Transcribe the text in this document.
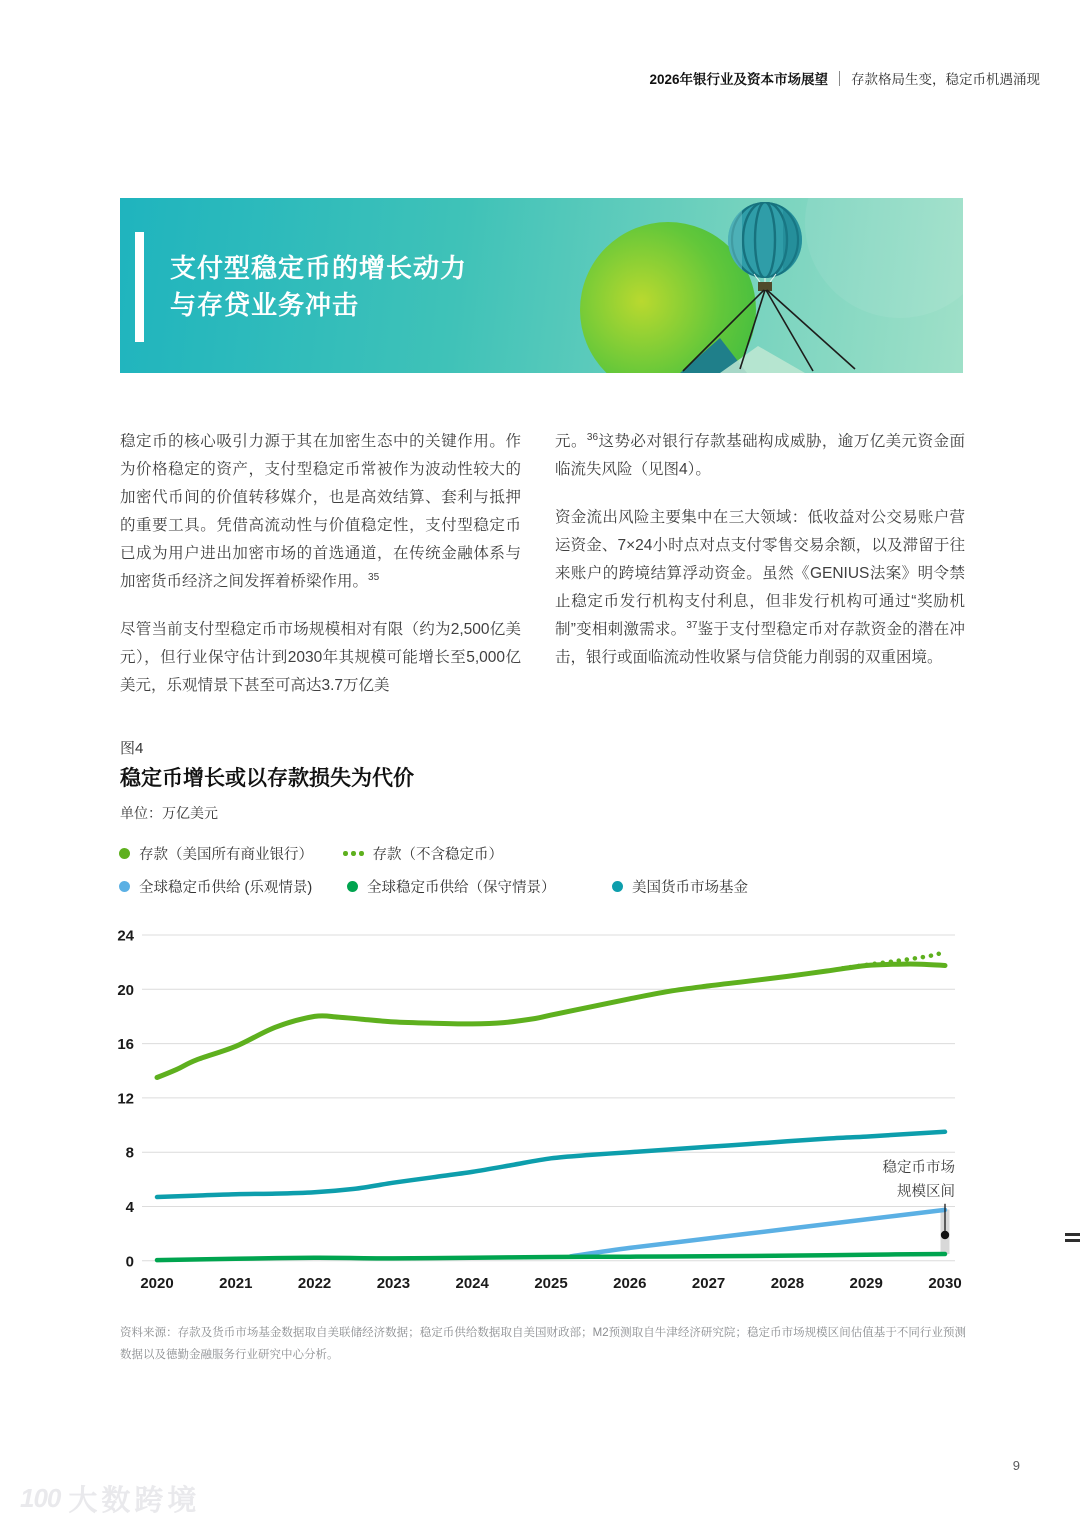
2026年银行业及资本市场展望 存款格局生变，稳定币机遇涌现
支付型稳定币的增长动力
与存贷业务冲击

稳定币的核心吸引力源于其在加密生态中的关键作用。作为价格稳定的资产，支付型稳定币常被作为波动性较大的加密代币间的价值转移媒介，也是高效结算、套利与抵押的重要工具。凭借高流动性与价值稳定性，支付型稳定币已成为用户进出加密市场的首选通道，在传统金融体系与加密货币经济之间发挥着桥梁作用。$^{35}$

尽管当前支付型稳定币市场规模相对有限（约为2,500亿美元），但行业保守估计到2030年其规模可能增长至5,000亿美元，乐观情景下甚至可高达3.7万亿美

元。$^{36}$这势必对银行存款基础构成威胁，逾万亿美元资金面临流失风险（见图4）。

资金流出风险主要集中在三大领域：低收益对公交易账户营运资金、7×24小时点对点支付零售交易余额，以及滞留于往来账户的跨境结算浮动资金。虽然《GENIUS法案》明令禁止稳定币发行机构支付利息，但非发行机构可通过“奖励机制”变相刺激需求。$^{37}$鉴于支付型稳定币对存款资金的潜在冲击，银行或面临流动性收紧与信贷能力削弱的双重困境。

图4
稳定币增长或以存款损失为代价
单位：万亿美元
存款（美国所有商业银行）	存款（不含稳定币）
全球稳定币供给 (乐观情景)	全球稳定币供给（保守情景）	美国货币市场基金
24
20
16
12
8
4
0
2020	2021	2022	2023	2024	2025	2026	2027	2028	2029	2030
稳定币市场
规模区间
资料来源：存款及货币市场基金数据取自美联储经济数据；稳定币供给数据取自美国财政部；M2预测取自牛津经济研究院；稳定币市场规模区间估值基于不同行业预测数据以及德勤金融服务行业研究中心分析。
9
100 大数跨境
